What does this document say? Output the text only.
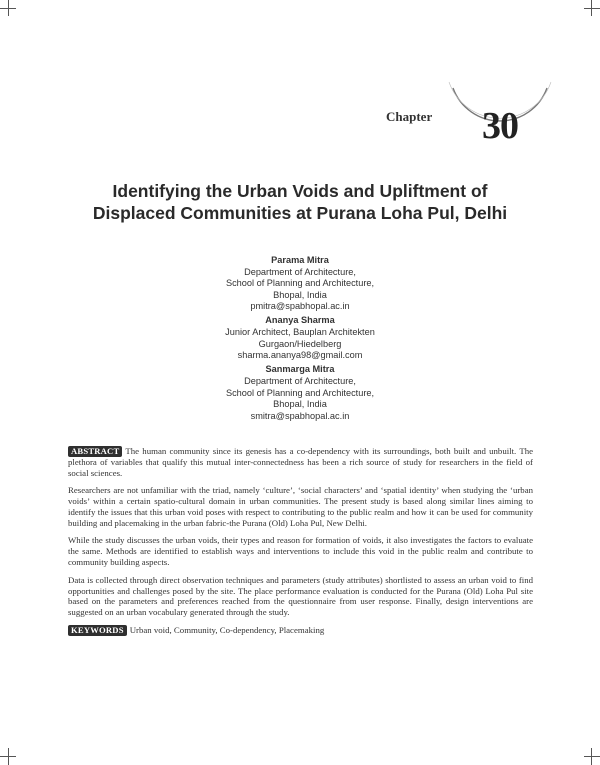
Chapter	30
Identifying the Urban Voids and Upliftment of
Displaced Communities at Purana Loha Pul, Delhi
Parama Mitra
Department of Architecture,
School of Planning and Architecture,
Bhopal, India
pmitra@spabhopal.ac.in
Ananya Sharma
Junior Architect, Bauplan Architekten
Gurgaon/Hiedelberg
sharma.ananya98@gmail.com
Sanmarga Mitra
Department of Architecture,
School of Planning and Architecture,
Bhopal, India
smitra@spabhopal.ac.in

ABSTRACT The human community since its genesis has a co-dependency with its surroundings, both built and unbuilt. The plethora of variables that qualify this mutual inter-connectedness has been a rich source of study for researchers in the field of social sciences.

Researchers are not unfamiliar with the triad, namely ‘culture’, ‘social characters’ and ‘spatial identity’ when studying the ‘urban voids’ within a certain spatio-cultural domain in urban communities. The present study is based along similar lines aiming to identify the issues that this urban void poses with respect to contributing to the public realm and how it can be used for community building and placemaking in the urban fabric-the Purana (Old) Loha Pul, New Delhi.

While the study discusses the urban voids, their types and reason for formation of voids, it also investigates the factors to evaluate the same. Methods are identified to establish ways and interventions to include this void in the public realm and contribute to community building aspects.

Data is collected through direct observation techniques and parameters (study attributes) shortlisted to assess an urban void to find opportunities and challenges posed by the site. The place performance evaluation is conducted for the Purana (Old) Loha Pul site based on the parameters and preferences reached from the questionnaire from user response. Finally, design interventions are suggested on an urban vocabulary generated through the study.

KEYWORDS Urban void, Community, Co-dependency, Placemaking
